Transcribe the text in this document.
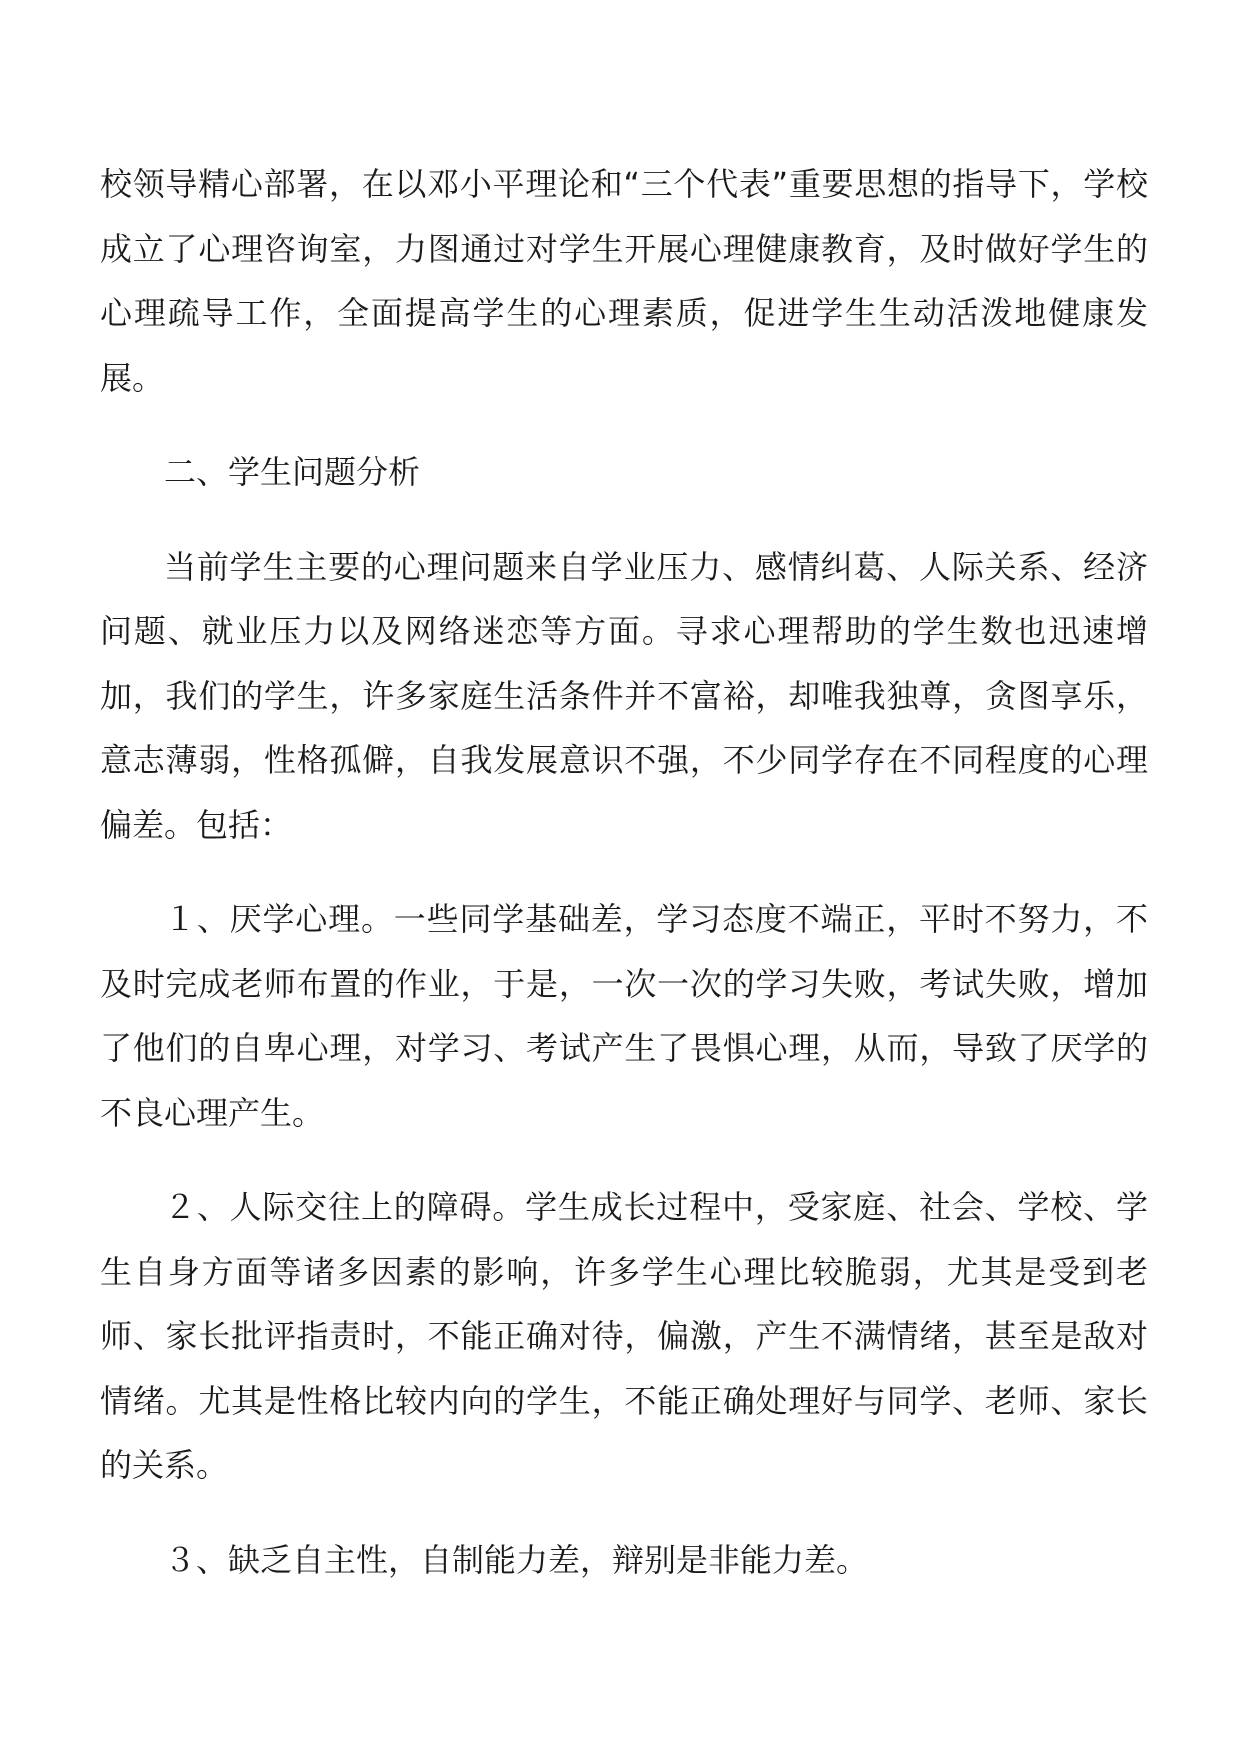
校领导精心部署，在以邓小平理论和“三个代表”重要思想的指导下，学校成立了心理咨询室，力图通过对学生开展心理健康教育，及时做好学生的心理疏导工作，全面提高学生的心理素质，促进学生生动活泼地健康发展。

二、学生问题分析

当前学生主要的心理问题来自学业压力、感情纠葛、人际关系、经济问题、就业压力以及网络迷恋等方面。寻求心理帮助的学生数也迅速增加，我们的学生，许多家庭生活条件并不富裕，却唯我独尊，贪图享乐，意志薄弱，性格孤僻，自我发展意识不强，不少同学存在不同程度的心理偏差。包括：

１、厌学心理。一些同学基础差，学习态度不端正，平时不努力，不及时完成老师布置的作业，于是，一次一次的学习失败，考试失败，增加了他们的自卑心理，对学习、考试产生了畏惧心理，从而，导致了厌学的不良心理产生。

２、人际交往上的障碍。学生成长过程中，受家庭、社会、学校、学生自身方面等诸多因素的影响，许多学生心理比较脆弱，尤其是受到老师、家长批评指责时，不能正确对待，偏激，产生不满情绪，甚至是敌对情绪。尤其是性格比较内向的学生，不能正确处理好与同学、老师、家长的关系。

３、缺乏自主性，自制能力差，辩别是非能力差。
